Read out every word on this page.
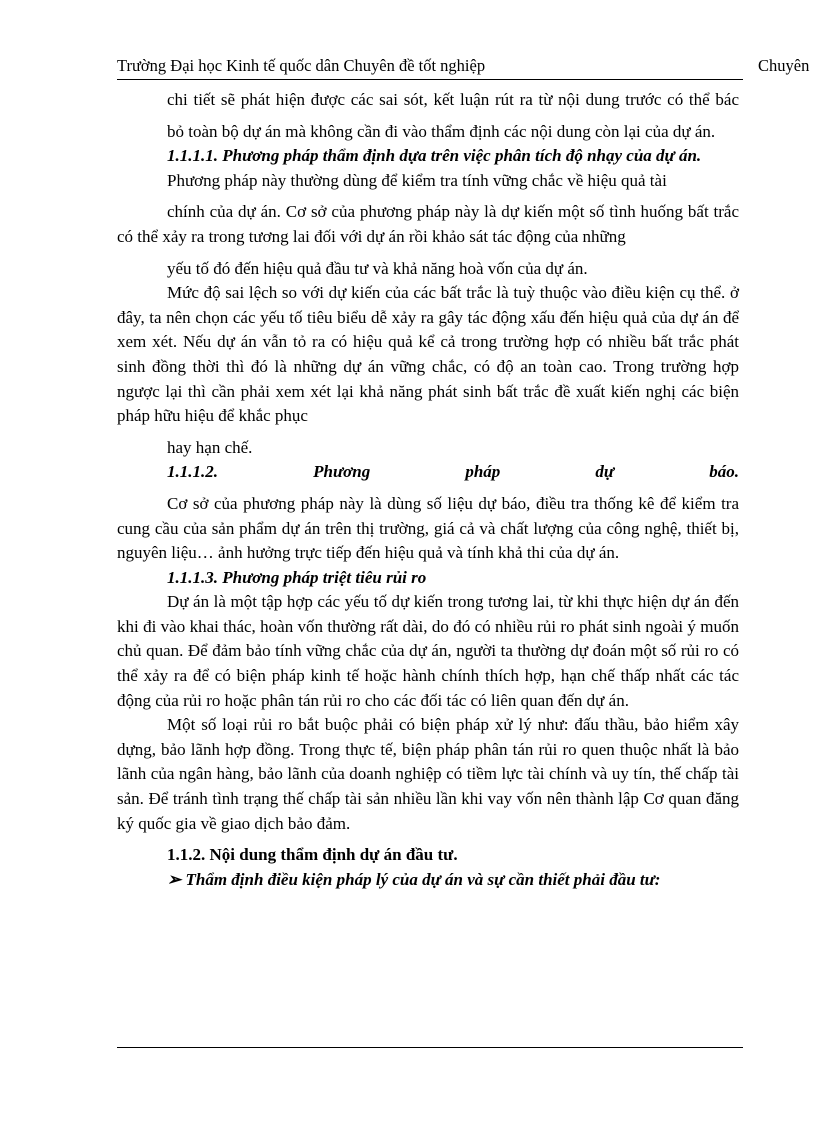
Trường Đại học Kinh tế quốc dân Chuyên đề tốt nghiệp	Chuyên

chi tiết sẽ phát hiện được các sai sót, kết luận rút ra từ nội dung trước có thể bác

bỏ toàn bộ dự án mà không cần đi vào thẩm định các nội dung còn lại của dự án.

1.1.1.1. Phương pháp thẩm định dựa trên việc phân tích độ nhạy của dự án.

Phương pháp này thường dùng để kiểm tra tính vững chắc về hiệu quả tài

chính của dự án. Cơ sở của phương pháp này là dự kiến một số tình huống bất trắc có thể xảy ra trong tương lai đối với dự án rồi khảo sát tác động của những

yếu tố đó đến hiệu quả đầu tư và khả năng hoà vốn của dự án.

Mức độ sai lệch so với dự kiến của các bất trắc là tuỳ thuộc vào điều kiện cụ thể. ở đây, ta nên chọn các yếu tố tiêu biểu dễ xảy ra gây tác động xấu đến hiệu quả của dự án để xem xét. Nếu dự án vẫn tỏ ra có hiệu quả kể cả trong trường hợp có nhiều bất trắc phát sinh đồng thời thì đó là những dự án vững chắc, có độ an toàn cao. Trong trường hợp ngược lại thì cần phải xem xét lại khả năng phát sinh bất trắc đề xuất kiến nghị các biện pháp hữu hiệu để khắc phục

hay hạn chế.

1.1.1.2. Phương pháp dự báo.

Cơ sở của phương pháp này là dùng số liệu dự báo, điều tra thống kê để kiểm tra cung cầu của sản phẩm dự án trên thị trường, giá cả và chất lượng của công nghệ, thiết bị, nguyên liệu… ảnh hưởng trực tiếp đến hiệu quả và tính khả thi của dự án.

1.1.1.3. Phương pháp triệt tiêu rủi ro

Dự án là một tập hợp các yếu tố dự kiến trong tương lai, từ khi thực hiện dự án đến khi đi vào khai thác, hoàn vốn thường rất dài, do đó có nhiều rủi ro phát sinh ngoài ý muốn chủ quan. Để đảm bảo tính vững chắc của dự án, người ta thường dự đoán một số rủi ro có thể xảy ra để có biện pháp kinh tế hoặc hành chính thích hợp, hạn chế thấp nhất các tác động của rủi ro hoặc phân tán rủi ro cho các đối tác có liên quan đến dự án.

Một số loại rủi ro bắt buộc phải có biện pháp xử lý như: đấu thầu, bảo hiểm xây dựng, bảo lãnh hợp đồng. Trong thực tế, biện pháp phân tán rủi ro quen thuộc nhất là bảo lãnh của ngân hàng, bảo lãnh của doanh nghiệp có tiềm lực tài chính và uy tín, thế chấp tài sản. Để tránh tình trạng thế chấp tài sản nhiều lần khi vay vốn nên thành lập Cơ quan đăng ký quốc gia về giao dịch bảo đảm.

1.1.2. Nội dung thẩm định dự án đầu tư.

➢ Thẩm định điều kiện pháp lý của dự án và sự cần thiết phải đầu tư:
